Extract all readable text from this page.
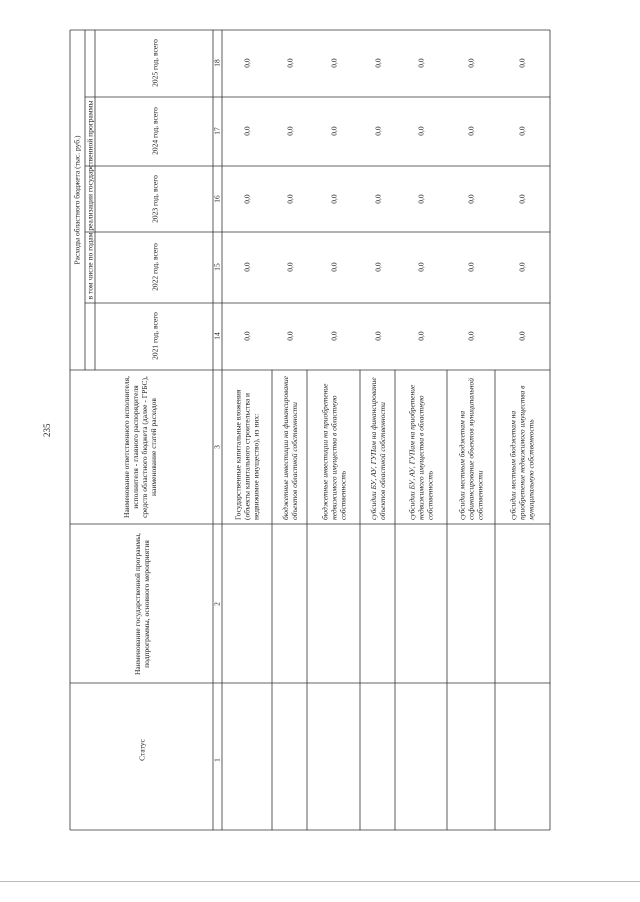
235
Статус
Наименование государственной программы, подпрограммы, основного мероприятия
Наименование ответственного исполнителя, исполнителя - главного распорядителя средств областного бюджета (далее - ГРБС), наименование статей расходов
Расходы областного бюджета (тыс. руб.) в том числе по годам реализации государственной программы
2021 год, всего
2022 год, всего
2023 год, всего
2024 год, всего
2025 год, всего
1
2
3
14
15
16
17
18
Государственные капитальные вложения (объекты капитального строительства и недвижимое имущество), из них:
0,0
0,0
0,0
0,0
0,0
бюджетные инвестиции на финансирование объектов областной собственности
0,0
0,0
0,0
0,0
0,0
бюджетные инвестиции на приобретение недвижимого имущества в областную собственность
0,0
0,0
0,0
0,0
0,0
субсидии БУ, АУ, ГУПам на финансирование объектов областной собственности
0,0
0,0
0,0
0,0
0,0
субсидии БУ, АУ, ГУПам на приобретение недвижимого имущества в областную собственность
0,0
0,0
0,0
0,0
0,0
субсидии местным бюджетам на софинансирование объектов муниципальной собственности
0,0
0,0
0,0
0,0
0,0
субсидии местным бюджетам на приобретение недвижимого имущества в муниципальную собственность
0,0
0,0
0,0
0,0
0,0
